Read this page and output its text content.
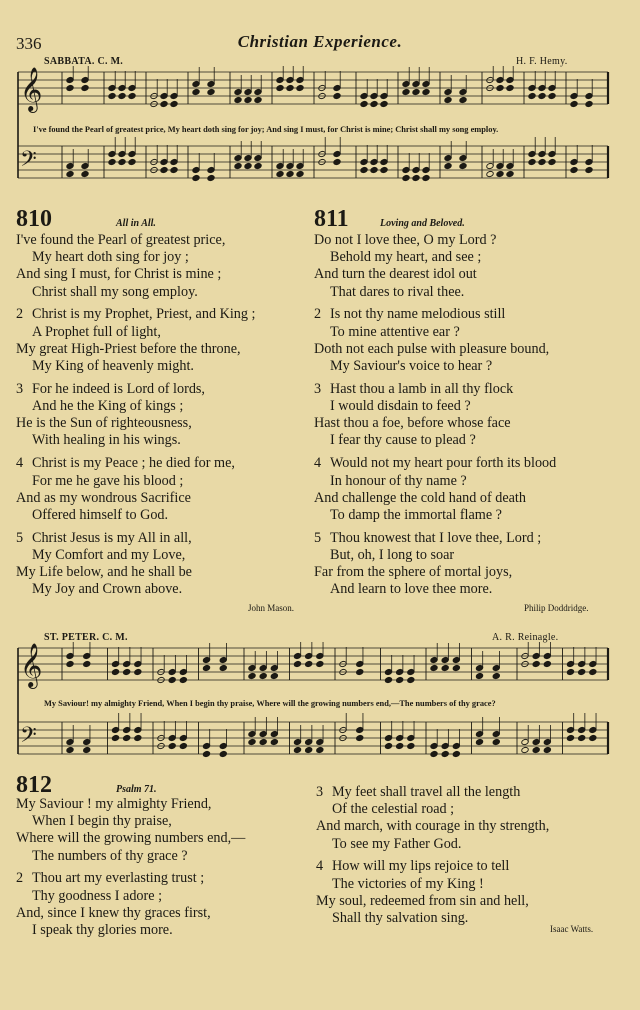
336	Christian Experience.
SABBATA. C. M.	H. F. Hemy.
𝄞
𝄢
I've found the Pearl of greatest price, My heart doth sing for joy; And sing I must, for Christ is mine; Christ shall my song employ.
810	All in All.
I've found the Pearl of greatest price,
My heart doth sing for joy ;
And sing I must, for Christ is mine ;
Christ shall my song employ.
2 Christ is my Prophet, Priest, and King ;
A Prophet full of light,
My great High-Priest before the throne,
My King of heavenly might.
3 For he indeed is Lord of lords,
And he the King of kings ;
He is the Sun of righteousness,
With healing in his wings.
4 Christ is my Peace ; he died for me,
For me he gave his blood ;
And as my wondrous Sacrifice
Offered himself to God.
5 Christ Jesus is my All in all,
My Comfort and my Love,
My Life below, and he shall be
My Joy and Crown above.
John Mason.
811	Loving and Beloved.
Do not I love thee, O my Lord ?
Behold my heart, and see ;
And turn the dearest idol out
That dares to rival thee.
2 Is not thy name melodious still
To mine attentive ear ?
Doth not each pulse with pleasure bound,
My Saviour's voice to hear ?
3 Hast thou a lamb in all thy flock
I would disdain to feed ?
Hast thou a foe, before whose face
I fear thy cause to plead ?
4 Would not my heart pour forth its blood
In honour of thy name ?
And challenge the cold hand of death
To damp the immortal flame ?
5 Thou knowest that I love thee, Lord ;
But, oh, I long to soar
Far from the sphere of mortal joys,
And learn to love thee more.
Philip Doddridge.
ST. PETER. C. M.	A. R. Reinagle.
𝄞
𝄢
My Saviour! my almighty Friend, When I begin thy praise, Where will the growing numbers end,—The numbers of thy grace?
812	Psalm 71.
My Saviour ! my almighty Friend,
When I begin thy praise,
Where will the growing numbers end,—
The numbers of thy grace ?
2 Thou art my everlasting trust ;
Thy goodness I adore ;
And, since I knew thy graces first,
I speak thy glories more.
3 My feet shall travel all the length
Of the celestial road ;
And march, with courage in thy strength,
To see my Father God.
4 How will my lips rejoice to tell
The victories of my King !
My soul, redeemed from sin and hell,
Shall thy salvation sing.
Isaac Watts.
